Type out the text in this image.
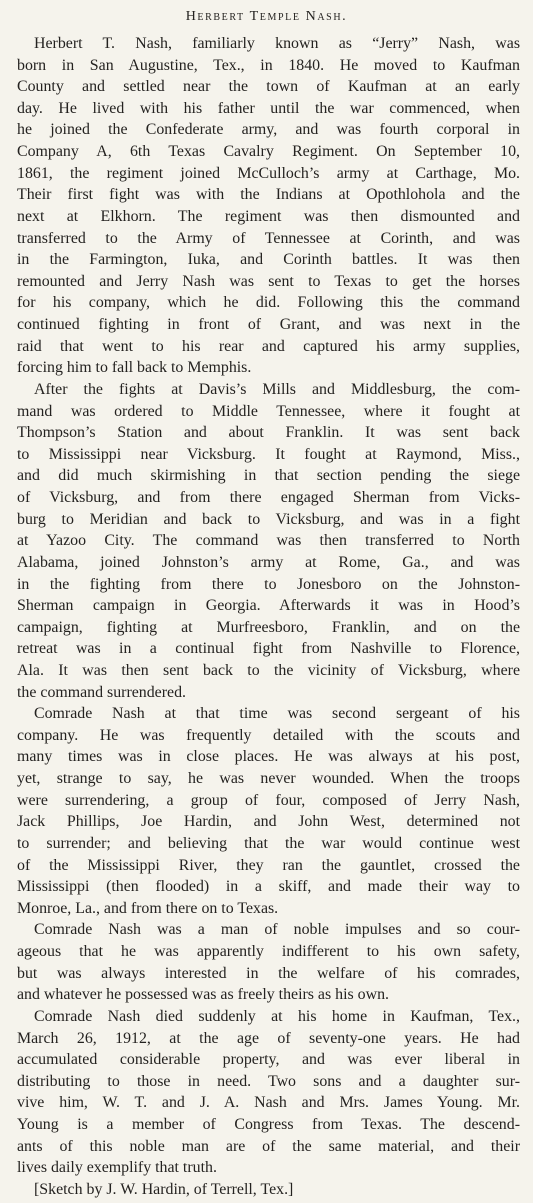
Herbert Temple Nash.
Herbert T. Nash, familiarly known as “Jerry” Nash, was
born in San Augustine, Tex., in 1840. He moved to Kaufman
County and settled near the town of Kaufman at an early
day. He lived with his father until the war commenced, when
he joined the Confederate army, and was fourth corporal in
Company A, 6th Texas Cavalry Regiment. On September 10,
1861, the regiment joined McCulloch’s army at Carthage, Mo.
Their first fight was with the Indians at Opothlohola and the
next at Elkhorn. The regiment was then dismounted and
transferred to the Army of Tennessee at Corinth, and was
in the Farmington, Iuka, and Corinth battles. It was then
remounted and Jerry Nash was sent to Texas to get the horses
for his company, which he did. Following this the command
continued fighting in front of Grant, and was next in the
raid that went to his rear and captured his army supplies,
forcing him to fall back to Memphis.
After the fights at Davis’s Mills and Middlesburg, the com-
mand was ordered to Middle Tennessee, where it fought at
Thompson’s Station and about Franklin. It was sent back
to Mississippi near Vicksburg. It fought at Raymond, Miss.,
and did much skirmishing in that section pending the siege
of Vicksburg, and from there engaged Sherman from Vicks-
burg to Meridian and back to Vicksburg, and was in a fight
at Yazoo City. The command was then transferred to North
Alabama, joined Johnston’s army at Rome, Ga., and was
in the fighting from there to Jonesboro on the Johnston-
Sherman campaign in Georgia. Afterwards it was in Hood’s
campaign, fighting at Murfreesboro, Franklin, and on the
retreat was in a continual fight from Nashville to Florence,
Ala. It was then sent back to the vicinity of Vicksburg, where
the command surrendered.
Comrade Nash at that time was second sergeant of his
company. He was frequently detailed with the scouts and
many times was in close places. He was always at his post,
yet, strange to say, he was never wounded. When the troops
were surrendering, a group of four, composed of Jerry Nash,
Jack Phillips, Joe Hardin, and John West, determined not
to surrender; and believing that the war would continue west
of the Mississippi River, they ran the gauntlet, crossed the
Mississippi (then flooded) in a skiff, and made their way to
Monroe, La., and from there on to Texas.
Comrade Nash was a man of noble impulses and so cour-
ageous that he was apparently indifferent to his own safety,
but was always interested in the welfare of his comrades,
and whatever he possessed was as freely theirs as his own.
Comrade Nash died suddenly at his home in Kaufman, Tex.,
March 26, 1912, at the age of seventy-one years. He had
accumulated considerable property, and was ever liberal in
distributing to those in need. Two sons and a daughter sur-
vive him, W. T. and J. A. Nash and Mrs. James Young. Mr.
Young is a member of Congress from Texas. The descend-
ants of this noble man are of the same material, and their
lives daily exemplify that truth.
[Sketch by J. W. Hardin, of Terrell, Tex.]
